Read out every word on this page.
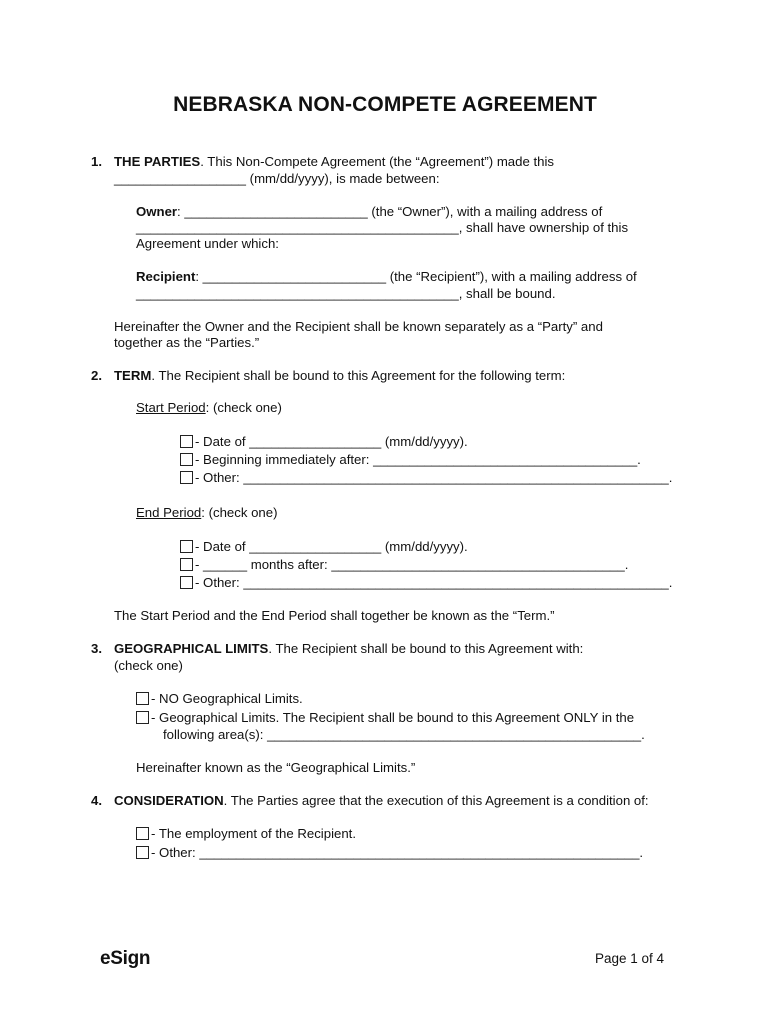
NEBRASKA NON-COMPETE AGREEMENT
1. THE PARTIES. This Non-Compete Agreement (the “Agreement”) made this
__________________ (mm/dd/yyyy), is made between:
Owner: _________________________ (the “Owner”), with a mailing address of
____________________________________________, shall have ownership of this
Agreement under which:
Recipient: _________________________ (the “Recipient”), with a mailing address of
____________________________________________, shall be bound.
Hereinafter the Owner and the Recipient shall be known separately as a “Party” and
together as the “Parties.”
2. TERM. The Recipient shall be bound to this Agreement for the following term:
Start Period: (check one)
- Date of __________________ (mm/dd/yyyy).
- Beginning immediately after: ____________________________________.
- Other: __________________________________________________________.
End Period: (check one)
- Date of __________________ (mm/dd/yyyy).
- ______ months after: ________________________________________.
- Other: __________________________________________________________.
The Start Period and the End Period shall together be known as the “Term.”
3. GEOGRAPHICAL LIMITS. The Recipient shall be bound to this Agreement with:
(check one)
- NO Geographical Limits.
- Geographical Limits. The Recipient shall be bound to this Agreement ONLY in the
following area(s): ___________________________________________________.
Hereinafter known as the “Geographical Limits.”
4. CONSIDERATION. The Parties agree that the execution of this Agreement is a condition of:
- The employment of the Recipient.
- Other: ____________________________________________________________.
eSign	Page 1 of 4
